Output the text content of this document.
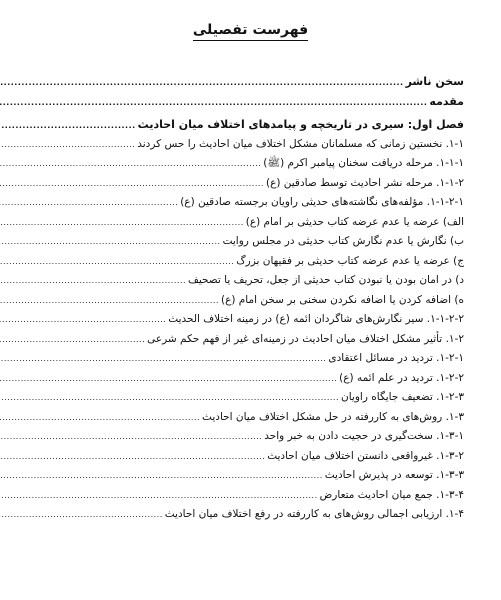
فهرست تفصیلی
سخن ناشر
.....
مقدمه
.....
فصل اول: سیری در تاریخچه و پیامدهای اختلاف میان احادیث
.....
۱-۱. نخستین زمانی که مسلمانان مشکل اختلاف میان احادیث را حس کردند
.....
۱-۱-۱. مرحله دریافت سخنان پیامبر اکرم (ﷺ)
.....
۱-۱-۲. مرحله نشر احادیث توسط صادقین (ع)
.....
۱-۱-۲-۱. مؤلفه‌های نگاشته‌های حدیثی راویان برجسته صادقین (ع)
.....
الف) عرضه یا عدم عرضه کتاب حدیثی بر امام (ع)
.....
ب) نگارش یا عدم نگارش کتاب حدیثی در مجلس روایت
.....
ج) عرضه یا عدم عرضه کتاب حدیثی بر فقیهان بزرگ
.....
د) در امان بودن یا نبودن کتاب حدیثی از جعل، تحریف یا تصحیف
.....
ه) اضافه کردن یا اضافه نکردن سخنی بر سخن امام (ع)
.....
۱-۱-۲-۲. سیر نگارش‌های شاگردان ائمه (ع) در زمینه اختلاف الحدیث
.....
۱-۲. تأثیر مشکل اختلاف میان احادیث در زمینه‌ای غیر از فهم حکم شرعی
.....
۱-۲-۱. تردید در مسائل اعتقادی
.....
۱-۲-۲. تردید در علم ائمه (ع)
.....
۱-۲-۳. تضعیف جایگاه راویان
.....
۱-۳. روش‌های به کاررفته در حل مشکل اختلاف میان احادیث
.....
۱-۳-۱. سخت‌گیری در حجیت دادن به خبر واحد
.....
۱-۳-۲. غیرواقعی دانستن اختلاف میان احادیث
.....
۱-۳-۳. توسعه در پذیرش احادیث
.....
۱-۳-۴. جمع میان احادیث متعارض
.....
۱-۴. ارزیابی اجمالی روش‌های به کاررفته در رفع اختلاف میان احادیث
.....
